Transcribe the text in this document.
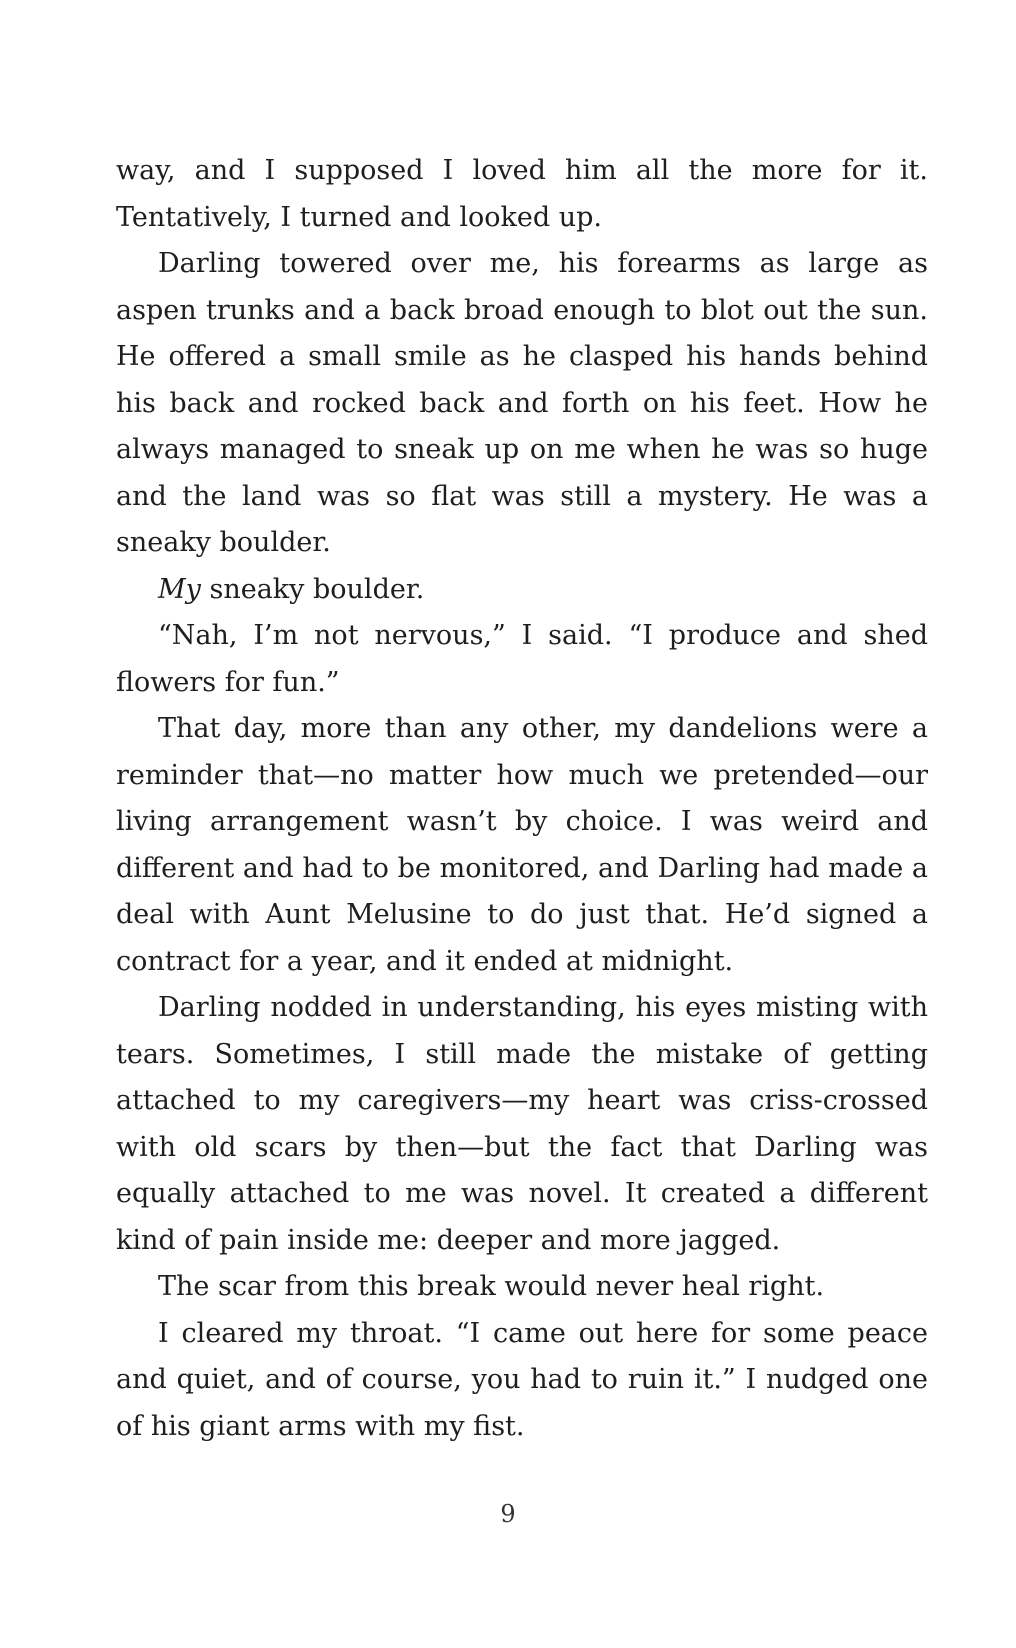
way, and I supposed I loved him all the more for it. Tentatively, I turned and looked up.

Darling towered over me, his forearms as large as aspen trunks and a back broad enough to blot out the sun. He offered a small smile as he clasped his hands behind his back and rocked back and forth on his feet. How he always managed to sneak up on me when he was so huge and the land was so flat was still a mystery. He was a sneaky boulder.

My sneaky boulder.

“Nah, I’m not nervous,” I said. “I produce and shed flowers for fun.”

That day, more than any other, my dandelions were a reminder that—no matter how much we pretended—our living arrangement wasn’t by choice. I was weird and different and had to be monitored, and Darling had made a deal with Aunt Melusine to do just that. He’d signed a contract for a year, and it ended at midnight.

Darling nodded in understanding, his eyes misting with tears. Sometimes, I still made the mistake of getting attached to my caregivers—my heart was criss-crossed with old scars by then—but the fact that Darling was equally attached to me was novel. It created a different kind of pain inside me: deeper and more jagged.

The scar from this break would never heal right.

I cleared my throat. “I came out here for some peace and quiet, and of course, you had to ruin it.” I nudged one of his giant arms with my fist.

9
